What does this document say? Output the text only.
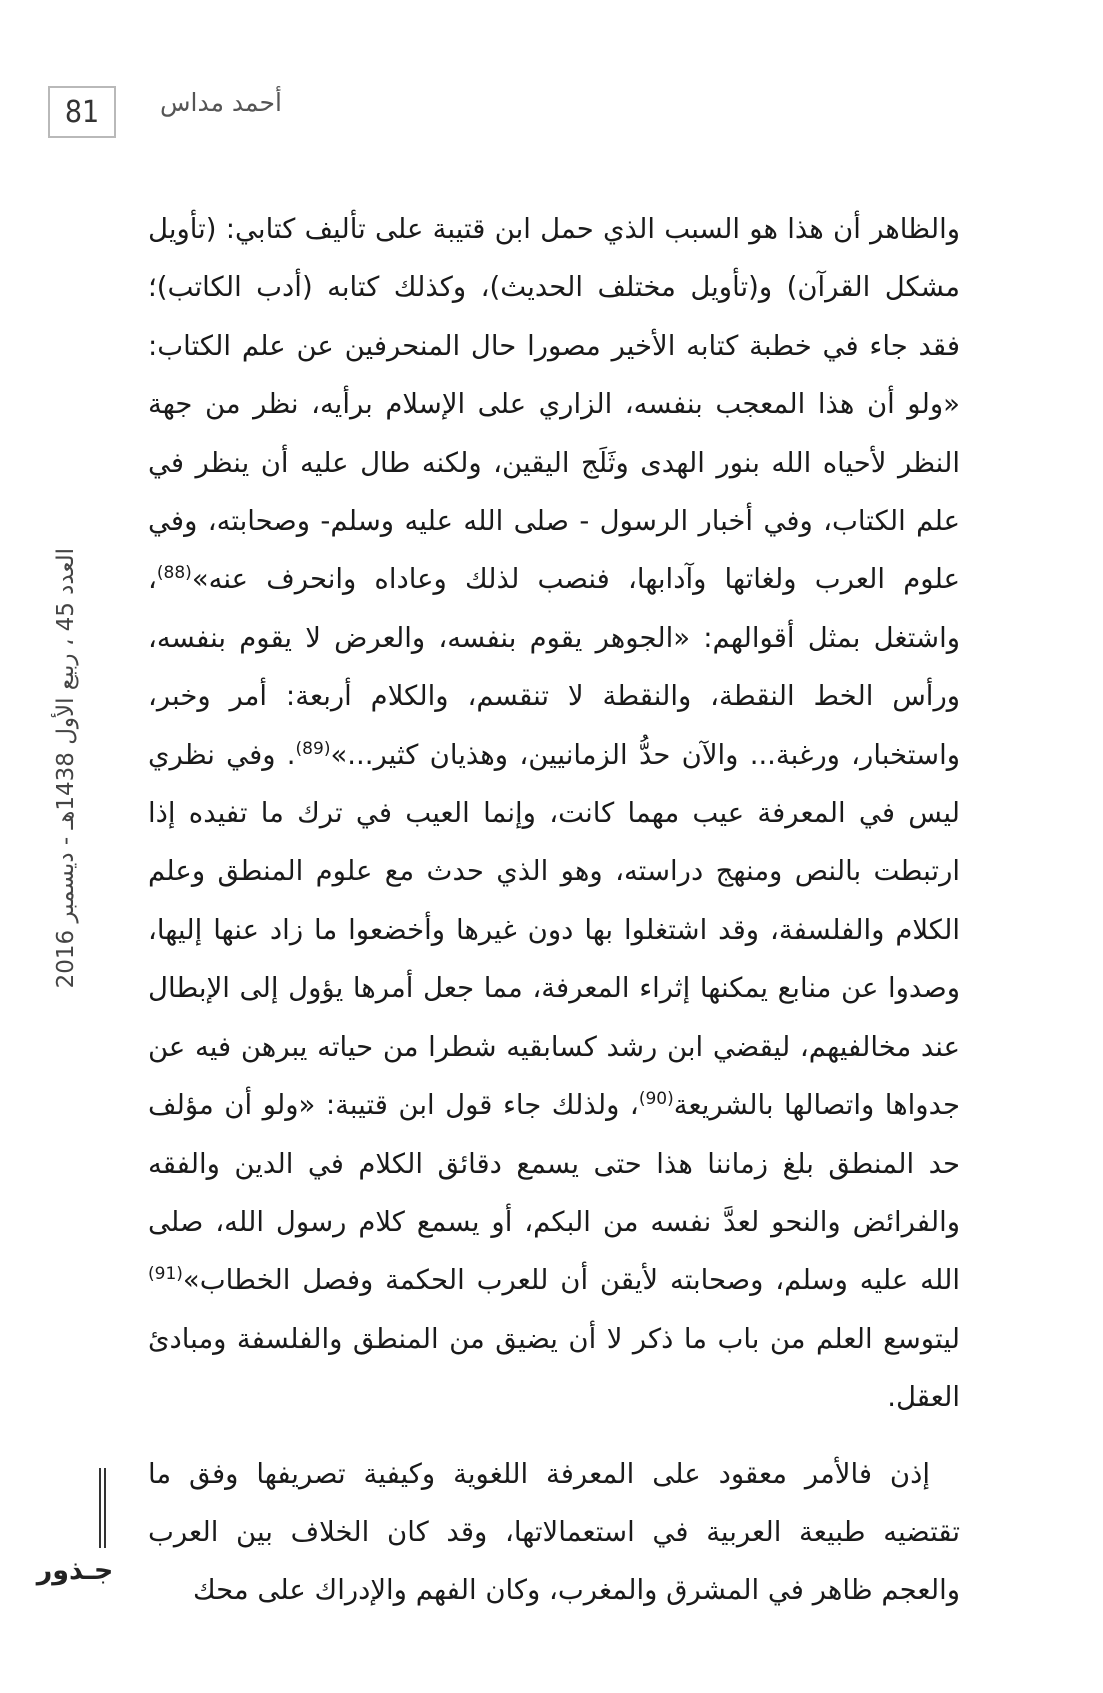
81	أحمد مداس
العدد 45 ، ربيع الأول 1438هـ - ديسمبر 2016
جـذور

والظاهر أن هذا هو السبب الذي حمل ابن قتيبة على تأليف كتابي: (تأويل مشكل القرآن) و(تأويل مختلف الحديث)، وكذلك كتابه (أدب الكاتب)؛ فقد جاء في خطبة كتابه الأخير مصورا حال المنحرفين عن علم الكتاب: «ولو أن هذا المعجب بنفسه، الزاري على الإسلام برأيه، نظر من جهة النظر لأحياه الله بنور الهدى وثَلَج اليقين، ولكنه طال عليه أن ينظر في علم الكتاب، وفي أخبار الرسول - صلى الله عليه وسلم- وصحابته، وفي علوم العرب ولغاتها وآدابها، فنصب لذلك وعاداه وانحرف عنه»$^{(88)}$، واشتغل بمثل أقوالهم: «الجوهر يقوم بنفسه، والعرض لا يقوم بنفسه، ورأس الخط النقطة، والنقطة لا تنقسم، والكلام أربعة: أمر وخبر، واستخبار، ورغبة... والآن حدُّ الزمانيين، وهذيان كثير...»$^{(89)}$. وفي نظري ليس في المعرفة عيب مهما كانت، وإنما العيب في ترك ما تفيده إذا ارتبطت بالنص ومنهج دراسته، وهو الذي حدث مع علوم المنطق وعلم الكلام والفلسفة، وقد اشتغلوا بها دون غيرها وأخضعوا ما زاد عنها إليها، وصدوا عن منابع يمكنها إثراء المعرفة، مما جعل أمرها يؤول إلى الإبطال عند مخالفيهم، ليقضي ابن رشد كسابقيه شطرا من حياته يبرهن فيه عن جدواها واتصالها بالشريعة$^{(90)}$، ولذلك جاء قول ابن قتيبة: «ولو أن مؤلف حد المنطق بلغ زماننا هذا حتى يسمع دقائق الكلام في الدين والفقه والفرائض والنحو لعدَّ نفسه من البكم، أو يسمع كلام رسول الله، صلى الله عليه وسلم، وصحابته لأيقن أن للعرب الحكمة وفصل الخطاب»$^{(91)}$ ليتوسع العلم من باب ما ذكر لا أن يضيق من المنطق والفلسفة ومبادئ العقل.

إذن فالأمر معقود على المعرفة اللغوية وكيفية تصريفها وفق ما تقتضيه طبيعة العربية في استعمالاتها، وقد كان الخلاف بين العرب والعجم ظاهر في المشرق والمغرب، وكان الفهم والإدراك على محك
